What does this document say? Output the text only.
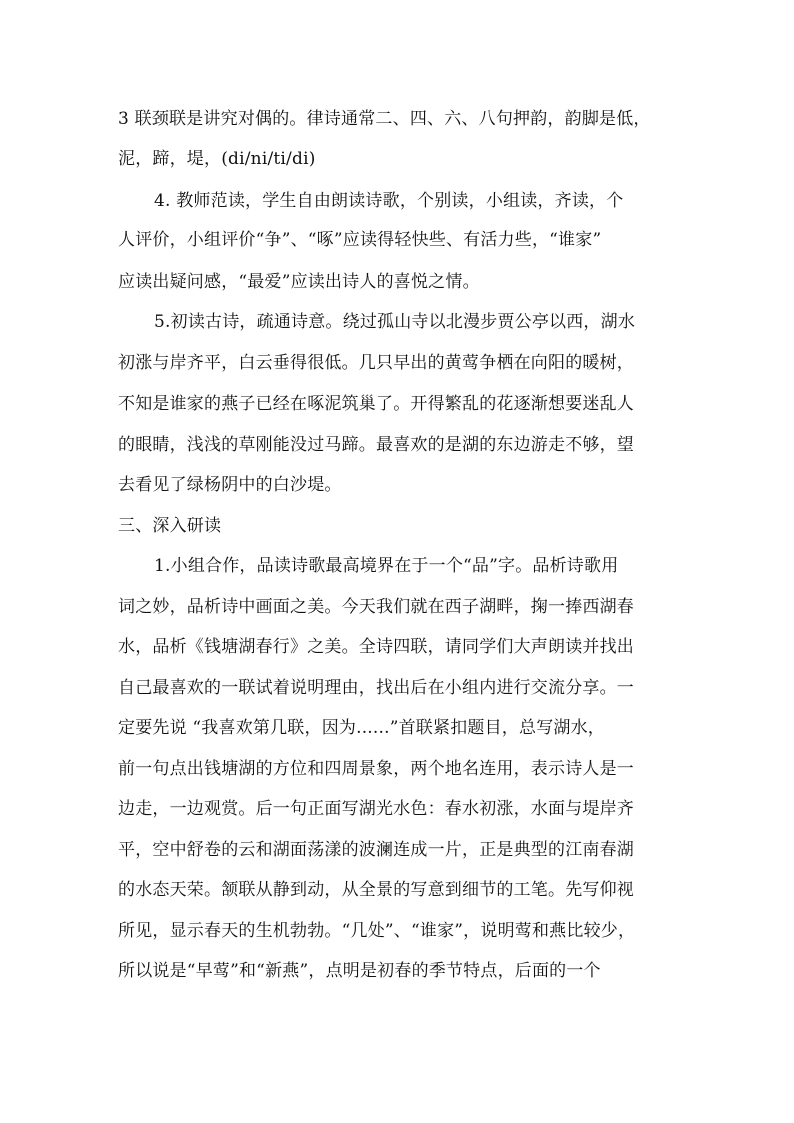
3 联颈联是讲究对偶的。律诗通常二、四、六、八句押韵，韵脚是低，
泥，蹄，堤，(di/ni/ti/di)
4. 教师范读，学生自由朗读诗歌，个别读，小组读，齐读，个
人评价，小组评价“争”、“啄”应读得轻快些、有活力些，“谁家”
应读出疑问感，“最爱”应读出诗人的喜悦之情。
5.初读古诗，疏通诗意。绕过孤山寺以北漫步贾公亭以西，湖水
初涨与岸齐平，白云垂得很低。几只早出的黄莺争栖在向阳的暖树，
不知是谁家的燕子已经在啄泥筑巢了。开得繁乱的花逐渐想要迷乱人
的眼睛，浅浅的草刚能没过马蹄。最喜欢的是湖的东边游走不够，望
去看见了绿杨阴中的白沙堤。
三、深入研读
1.小组合作，品读诗歌最高境界在于一个“品”字。品析诗歌用
词之妙，品析诗中画面之美。今天我们就在西子湖畔，掬一捧西湖春
水，品析《钱塘湖春行》之美。全诗四联，请同学们大声朗读并找出
自己最喜欢的一联试着说明理由，找出后在小组内进行交流分享。一
定要先说 “我喜欢第几联，因为......”首联紧扣题目，总写湖水，
前一句点出钱塘湖的方位和四周景象，两个地名连用，表示诗人是一
边走，一边观赏。后一句正面写湖光水色：春水初涨，水面与堤岸齐
平，空中舒卷的云和湖面荡漾的波澜连成一片，正是典型的江南春湖
的水态天荣。颔联从静到动，从全景的写意到细节的工笔。先写仰视
所见，显示春天的生机勃勃。“几处”、“谁家”，说明莺和燕比较少，
所以说是“早莺”和“新燕”，点明是初春的季节特点，后面的一个
